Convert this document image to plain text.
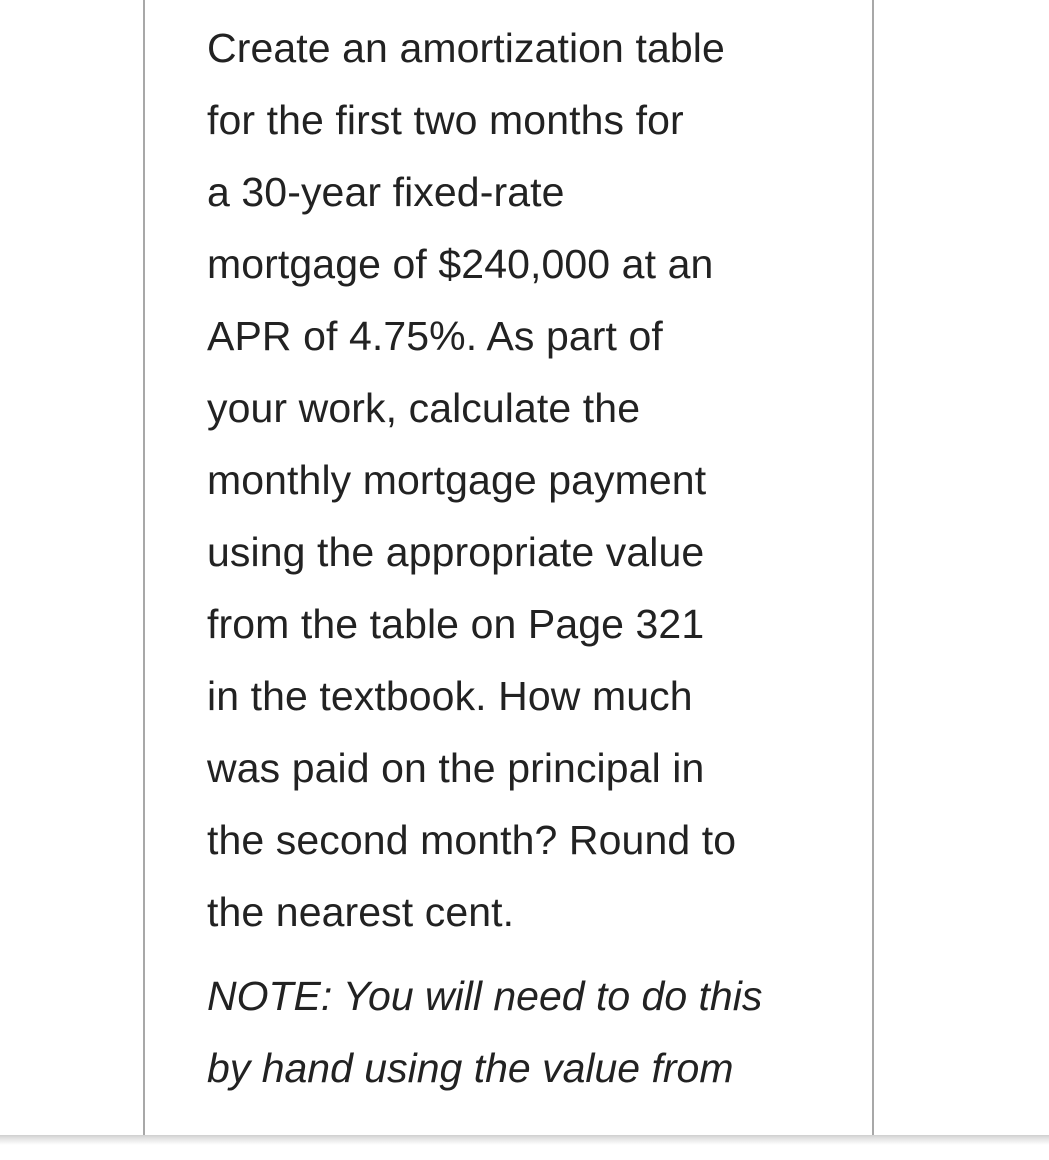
Create an amortization table
for the first two months for
a 30-year fixed-rate
mortgage of $240,000 at an
APR of 4.75%. As part of
your work, calculate the
monthly mortgage payment
using the appropriate value
from the table on Page 321
in the textbook. How much
was paid on the principal in
the second month? Round to
the nearest cent.

NOTE: You will need to do this
by hand using the value from
